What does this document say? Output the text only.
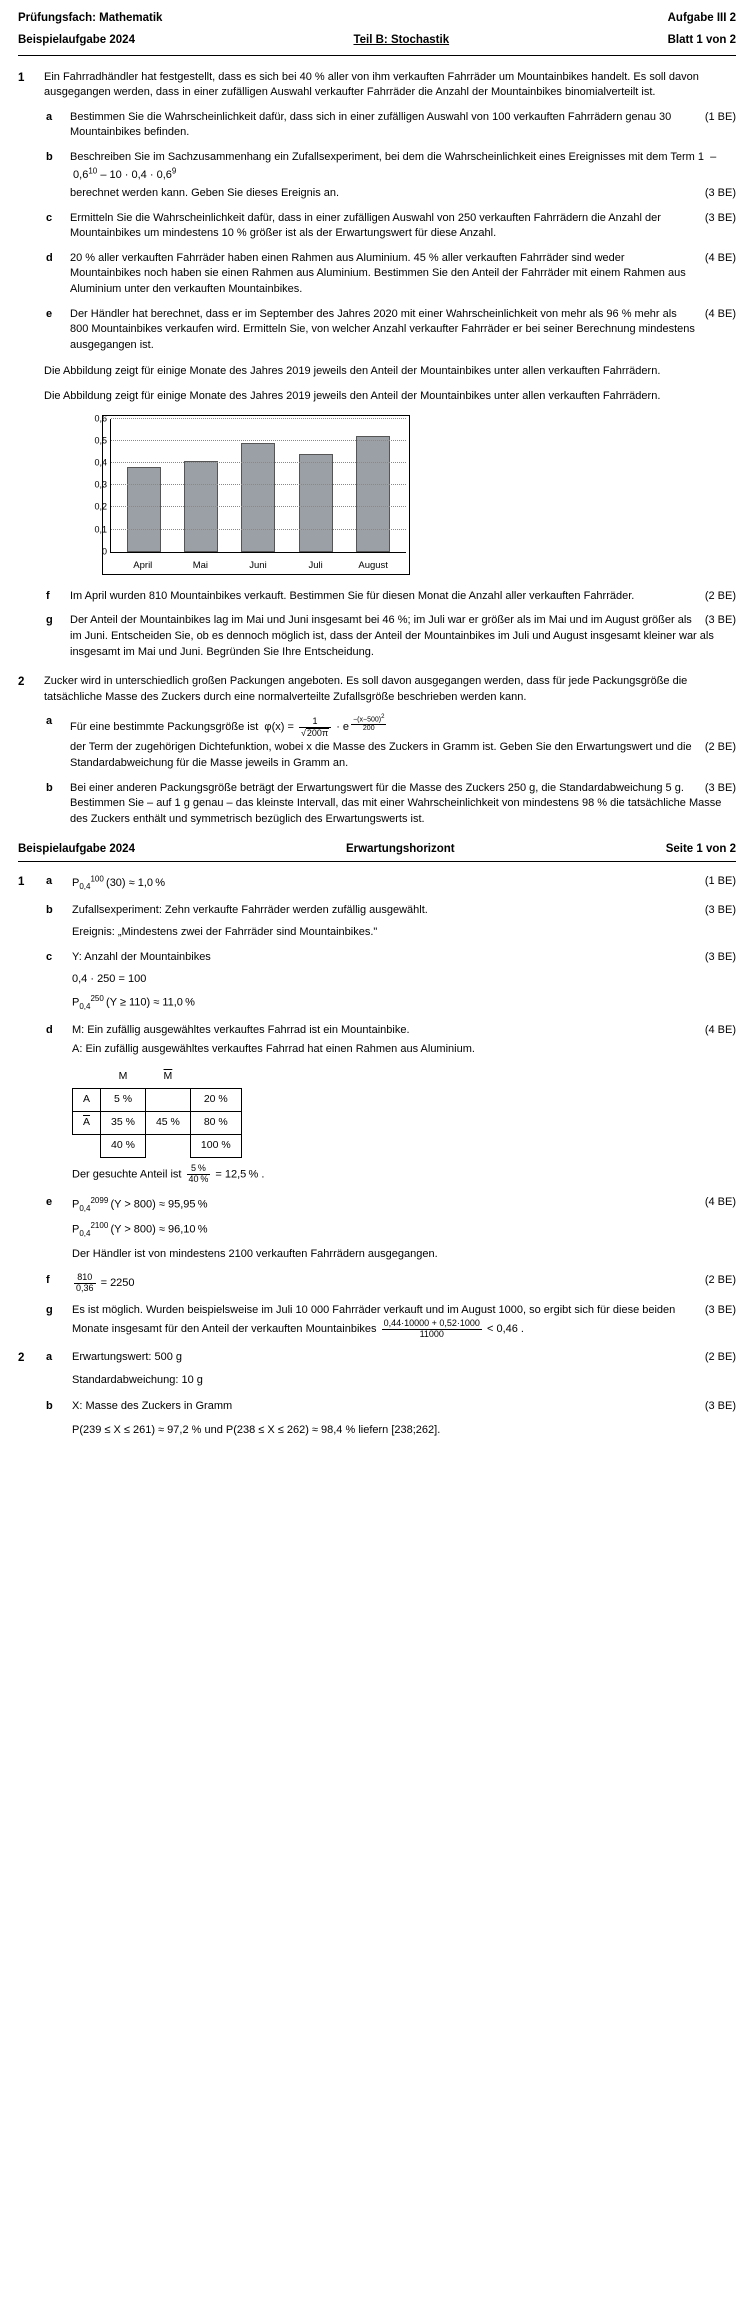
Prüfungsfach: Mathematik	Aufgabe III 2
Beispielaufgabe 2024	Teil B: Stochastik	Blatt 1 von 2
1	Ein Fahrradhändler hat festgestellt, dass es sich bei 40 % aller von ihm verkauften Fahrräder um Mountainbikes handelt. Es soll davon ausgegangen werden, dass in einer zufälligen Auswahl verkaufter Fahrräder die Anzahl der Mountainbikes binomialverteilt ist.

a	(1 BE)
Bestimmen Sie die Wahrscheinlichkeit dafür, dass sich in einer zufälligen Auswahl von 100 verkauften Fahrrädern genau 30 Mountainbikes befinden.
b	Beschreiben Sie im Sachzusammenhang ein Zufallsexperiment, bei dem die Wahrscheinlichkeit eines Ereignisses mit dem Term $1 - 0,6^{10} - 10 \cdot 0,4 \cdot 0,6^9$
(3 BE)
berechnet werden kann. Geben Sie dieses Ereignis an.
c	(3 BE)
Ermitteln Sie die Wahrscheinlichkeit dafür, dass in einer zufälligen Auswahl von 250 verkauften Fahrrädern die Anzahl der Mountainbikes um mindestens 10 % größer ist als der Erwartungswert für diese Anzahl.
d	(4 BE)
20 % aller verkauften Fahrräder haben einen Rahmen aus Aluminium. 45 % aller verkauften Fahrräder sind weder Mountainbikes noch haben sie einen Rahmen aus Aluminium. Bestimmen Sie den Anteil der Fahrräder mit einem Rahmen aus Aluminium unter den verkauften Mountainbikes.
e	(4 BE)
Der Händler hat berechnet, dass er im September des Jahres 2020 mit einer Wahrscheinlichkeit von mehr als 96 % mehr als 800 Mountainbikes verkaufen wird. Ermitteln Sie, von welcher Anzahl verkaufter Fahrräder er bei seiner Berechnung mindestens ausgegangen ist.

Die Abbildung zeigt für einige Monate des Jahres 2019 jeweils den Anteil der Mountainbikes unter allen verkauften Fahrrädern.

Die Abbildung zeigt für einige Monate des Jahres 2019 jeweils den Anteil der Mountainbikes unter allen verkauften Fahrrädern.

0
0,1
0,2
0,3
0,4
0,5
0,6
April	Mai	Juni	Juli	August
f	(2 BE)
Im April wurden 810 Mountainbikes verkauft. Bestimmen Sie für diesen Monat die Anzahl aller verkauften Fahrräder.
g	(3 BE)
Der Anteil der Mountainbikes lag im Mai und Juni insgesamt bei 46 %; im Juli war er größer als im Mai und im August größer als im Juni. Entscheiden Sie, ob es dennoch möglich ist, dass der Anteil der Mountainbikes im Juli und August insgesamt kleiner war als insgesamt im Mai und Juni. Begründen Sie Ihre Entscheidung.
2	Zucker wird in unterschiedlich großen Packungen angeboten. Es soll davon ausgegangen werden, dass für jede Packungsgröße die tatsächliche Masse des Zuckers durch eine normalverteilte Zufallsgröße beschrieben werden kann.

a
Für eine bestimmte Packungsgröße ist  $\varphi(x) = \frac{1}{√200\pi} \cdot e$ $^{\frac{-(x-500)2}{200}}$
(2 BE)
der Term der zugehörigen Dichtefunktion, wobei x die Masse des Zuckers in Gramm ist. Geben Sie den Erwartungswert und die Standardabweichung für die Masse jeweils in Gramm an.
b	(3 BE)
Bei einer anderen Packungsgröße beträgt der Erwartungswert für die Masse des Zuckers 250 g, die Standardabweichung 5 g. Bestimmen Sie – auf 1 g genau – das kleinste Intervall, das mit einer Wahrscheinlichkeit von mindestens 98 % die tatsächliche Masse des Zuckers enthält und symmetrisch bezüglich des Erwartungswerts ist.
Beispielaufgabe 2024	Erwartungshorizont	Seite 1 von 2
1	a	(1 BE)
$P_{0,4}^{100}$ (30) ≈ 1,0 %
b	(3 BE)
Zufallsexperiment: Zehn verkaufte Fahrräder werden zufällig ausgewählt.
Ereignis: „Mindestens zwei der Fahrräder sind Mountainbikes."
c	(3 BE)
Y: Anzahl der Mountainbikes
0,4 · 250 = 100
$P_{0,4}^{250}$ (Y ≥ 110) ≈ 11,0 %
d	(4 BE)
M: Ein zufällig ausgewähltes verkauftes Fahrrad ist ein Mountainbike.
A: Ein zufällig ausgewähltes verkauftes Fahrrad hat einen Rahmen aus Aluminium.
	M	$\overline{M}$	
A	5 %		20 %
$\overline{A}$	35 %	45 %	80 %
	40 %		100 %
Der gesuchte Anteil ist $\frac{5 \%}{40 \%} = 12,5$ % .
e	(4 BE)
$P_{0,4}^{2099}$ (Y > 800) ≈ 95,95 %
$P_{0,4}^{2100}$ (Y > 800) ≈ 96,10 %
Der Händler ist von mindestens 2100 verkauften Fahrrädern ausgegangen.
f	(2 BE)
$\frac{810}{0,36} = 2250$
g	(3 BE)
Es ist möglich. Wurden beispielsweise im Juli 10 000 Fahrräder verkauft und im August 1000, so ergibt sich für diese beiden Monate insgesamt für den Anteil der verkauften Mountainbikes $\frac{0,44\cdot 10000 + 0,52\cdot 1000}{11000} < 0,46$ .
2	a	(2 BE)
Erwartungswert: 500 g
Standardabweichung: 10 g
b	(3 BE)
X: Masse des Zuckers in Gramm
P(239 ≤ X ≤ 261) ≈ 97,2 % und P(238 ≤ X ≤ 262) ≈ 98,4 % liefern [238;262].
